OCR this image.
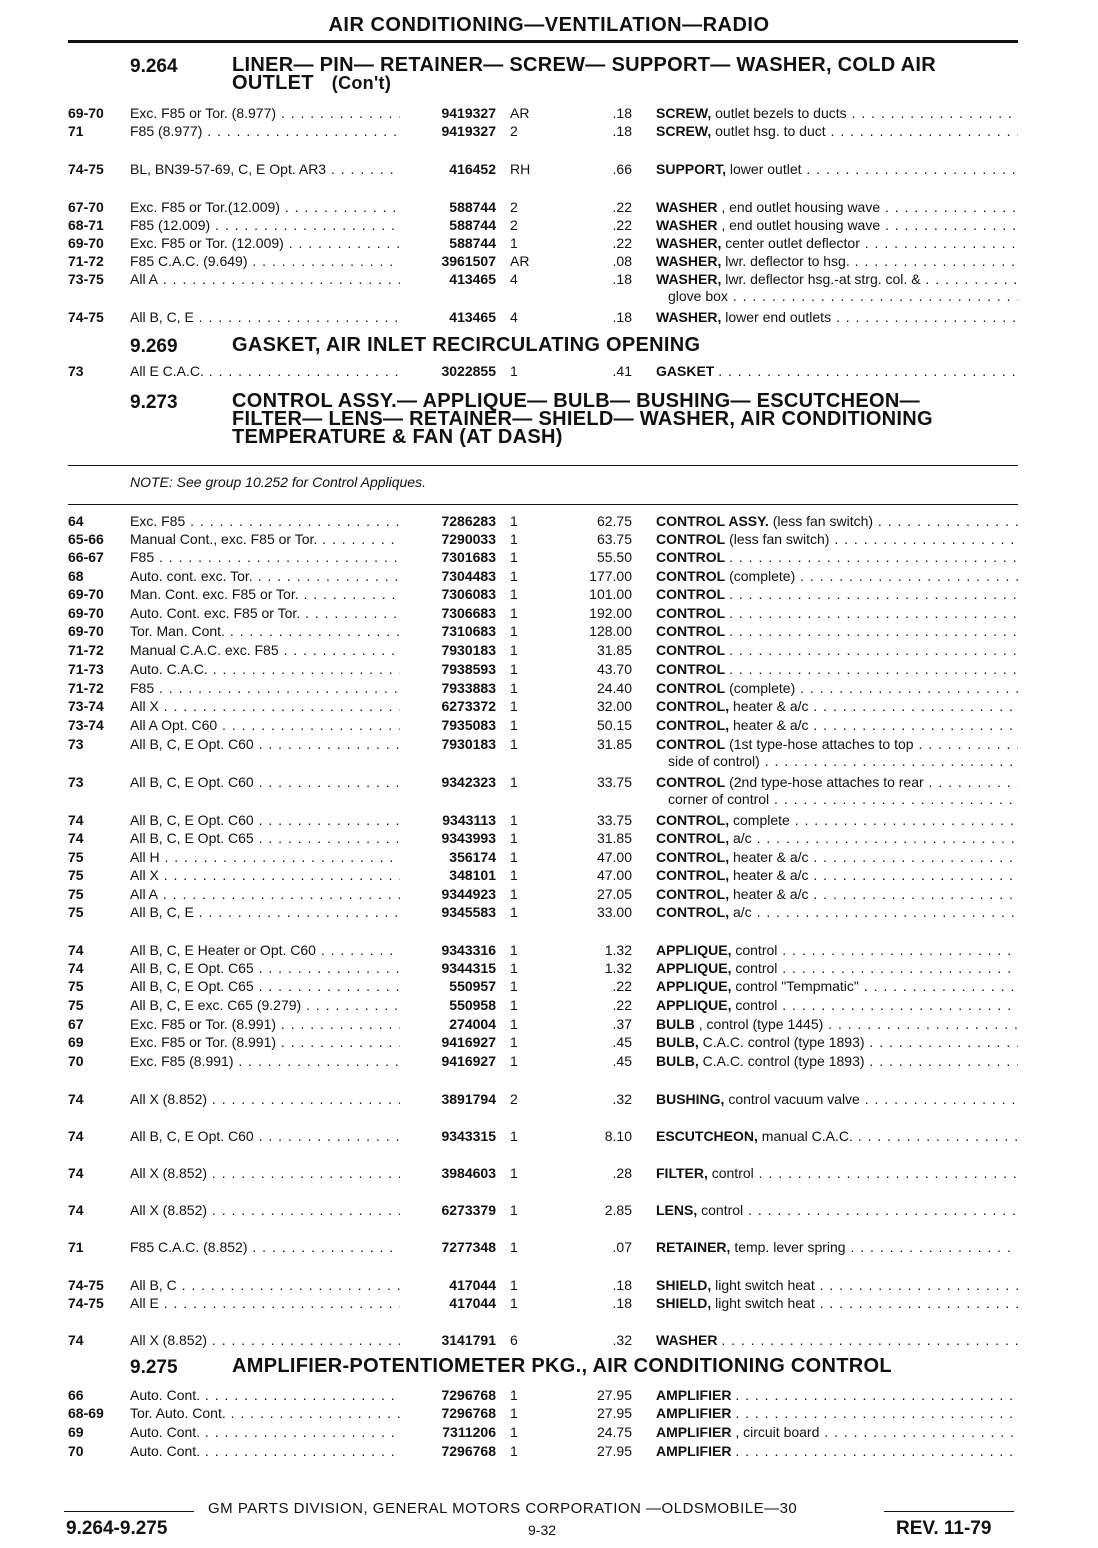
AIR CONDITIONING—VENTILATION—RADIO
9.264	LINER— PIN— RETAINER— SCREW— SUPPORT— WASHER, COLD AIR
OUTLET (Con't)
9.269	GASKET, AIR INLET RECIRCULATING OPENING
9.273	CONTROL ASSY.— APPLIQUE— BULB— BUSHING— ESCUTCHEON—
FILTER— LENS— RETAINER— SHIELD— WASHER, AIR CONDITIONING
TEMPERATURE & FAN (AT DASH)
NOTE: See group 10.252 for Control Appliques.
9.275	AMPLIFIER-POTENTIOMETER PKG., AIR CONDITIONING CONTROL
69-70 Exc. F85 or Tor. (8.977) . . .	9419327 AR	.18 SCREW, outlet bezels to ducts . . .
71	F85 (8.977) . . .	9419327 2	.18 SCREW, outlet hsg. to duct . . .
74-75 BL, BN39-57-69, C, E Opt. AR3 . . .	416452 RH	.66 SUPPORT, lower outlet . . .
67-70 Exc. F85 or Tor.(12.009) . . .	588744 2	.22 WASHER , end outlet housing wave . . .
68-71 F85 (12.009) . . .	588744 2	.22 WASHER , end outlet housing wave . . .
69-70 Exc. F85 or Tor. (12.009) . . .	588744 1	.22 WASHER, center outlet deflector . . .
71-72 F85 C.A.C. (9.649) . . .	3961507 AR	.08 WASHER, lwr. deflector to hsg. . . .
73-75 All A . . .	413465 4	.18 WASHER, lwr. deflector hsg.-at strg. col. & . . .
glove box . . .
74-75 All B, C, E . . .	413465 4	.18 WASHER, lower end outlets . . .
73	All E C.A.C. . . .	3022855 1	.41 GASKET . . .
64	Exc. F85 . . .	7286283 1	62.75 CONTROL ASSY. (less fan switch) . . .
65-66 Manual Cont., exc. F85 or Tor. . . .	7290033 1	63.75 CONTROL (less fan switch) . . .
66-67 F85 . . .	7301683 1	55.50 CONTROL . . .
68	Auto. cont. exc. Tor. . . .	7304483 1	177.00 CONTROL (complete) . . .
69-70 Man. Cont. exc. F85 or Tor. . . .	7306083 1	101.00 CONTROL . . .
69-70 Auto. Cont. exc. F85 or Tor. . . .	7306683 1	192.00 CONTROL . . .
69-70 Tor. Man. Cont. . . .	7310683 1	128.00 CONTROL . . .
71-72 Manual C.A.C. exc. F85 . . .	7930183 1	31.85 CONTROL . . .
71-73 Auto. C.A.C. . . .	7938593 1	43.70 CONTROL . . .
71-72 F85 . . .	7933883 1	24.40 CONTROL (complete) . . .
73-74 All X . . .	6273372 1	32.00 CONTROL, heater & a/c . . .
73-74 All A Opt. C60 . . .	7935083 1	50.15 CONTROL, heater & a/c . . .
73	All B, C, E Opt. C60 . . .	7930183 1	31.85 CONTROL (1st type-hose attaches to top . . .
side of control) . . .
73	All B, C, E Opt. C60 . . .	9342323 1	33.75 CONTROL (2nd type-hose attaches to rear . . .
corner of control . . .
74	All B, C, E Opt. C60 . . .	9343113 1	33.75 CONTROL, complete . . .
74	All B, C, E Opt. C65 . . .	9343993 1	31.85 CONTROL, a/c . . .
75	All H . . .	356174 1	47.00 CONTROL, heater & a/c . . .
75	All X . . .	348101 1	47.00 CONTROL, heater & a/c . . .
75	All A . . .	9344923 1	27.05 CONTROL, heater & a/c . . .
75	All B, C, E . . .	9345583 1	33.00 CONTROL, a/c . . .
74	All B, C, E Heater or Opt. C60 . . .	9343316 1	1.32 APPLIQUE, control . . .
74	All B, C, E Opt. C65 . . .	9344315 1	1.32 APPLIQUE, control . . .
75	All B, C, E Opt. C65 . . .	550957 1	.22 APPLIQUE, control "Tempmatic" . . .
75	All B, C, E exc. C65 (9.279) . . .	550958 1	.22 APPLIQUE, control . . .
67	Exc. F85 or Tor. (8.991) . . .	274004 1	.37 BULB , control (type 1445) . . .
69	Exc. F85 or Tor. (8.991) . . .	9416927 1	.45 BULB, C.A.C. control (type 1893) . . .
70	Exc. F85 (8.991) . . .	9416927 1	.45 BULB, C.A.C. control (type 1893) . . .
74	All X (8.852) . . .	3891794 2	.32 BUSHING, control vacuum valve . . .
74	All B, C, E Opt. C60 . . .	9343315 1	8.10 ESCUTCHEON, manual C.A.C. . . .
74	All X (8.852) . . .	3984603 1	.28 FILTER, control . . .
74	All X (8.852) . . .	6273379 1	2.85 LENS, control . . .
71	F85 C.A.C. (8.852) . . .	7277348 1	.07 RETAINER, temp. lever spring . . .
74-75 All B, C . . .	417044 1	.18 SHIELD, light switch heat . . .
74-75 All E . . .	417044 1	.18 SHIELD, light switch heat . . .
74	All X (8.852) . . .	3141791 6	.32 WASHER . . .
66	Auto. Cont. . . .	7296768 1	27.95 AMPLIFIER . . .
68-69 Tor. Auto. Cont. . . .	7296768 1	27.95 AMPLIFIER . . .
69	Auto. Cont. . . .	7311206 1	24.75 AMPLIFIER , circuit board . . .
70	Auto. Cont. . . .	7296768 1	27.95 AMPLIFIER . . .
GM PARTS DIVISION, GENERAL MOTORS CORPORATION —OLDSMOBILE—30
9.264-9.275	9-32	REV. 11-79
